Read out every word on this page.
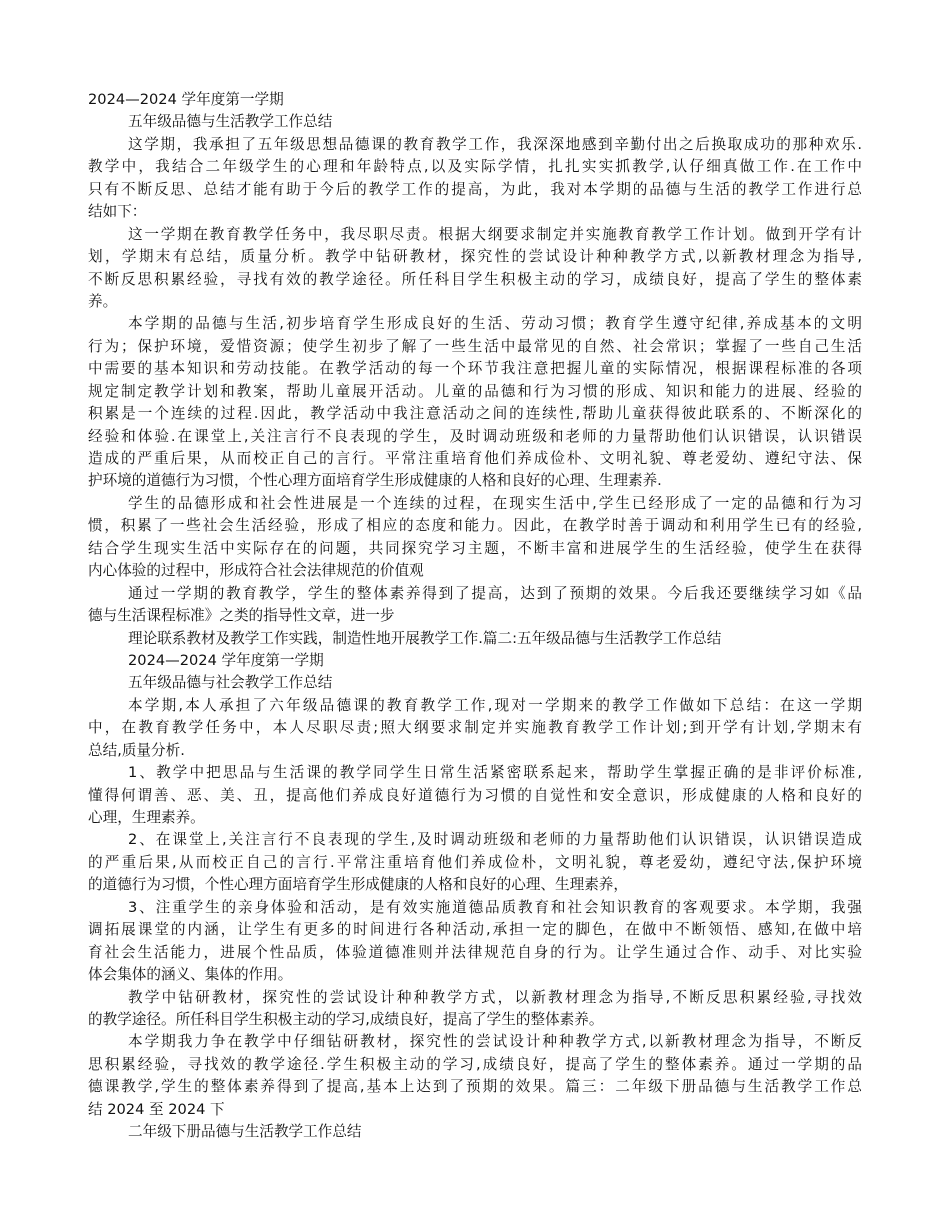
2024—2024 学年度第一学期
五年级品德与生活教学工作总结
这学期，我承担了五年级思想品德课的教育教学工作，我深深地感到辛勤付出之后换取成功的那种欢乐.
教学中，我结合二年级学生的心理和年龄特点,以及实际学情，扎扎实实抓教学,认仔细真做工作.在工作中
只有不断反思、总结才能有助于今后的教学工作的提高，为此，我对本学期的品德与生活的教学工作进行总
结如下：
这一学期在教育教学任务中，我尽职尽责。根据大纲要求制定并实施教育教学工作计划。做到开学有计
划，学期末有总结，质量分析。教学中钻研教材，探究性的尝试设计种种教学方式,以新教材理念为指导,
不断反思积累经验，寻找有效的教学途径。所任科目学生积极主动的学习，成绩良好，提高了学生的整体素
养。
本学期的品德与生活,初步培育学生形成良好的生活、劳动习惯；教育学生遵守纪律,养成基本的文明
行为；保护环境，爱惜资源；使学生初步了解了一些生活中最常见的自然、社会常识；掌握了一些自己生活
中需要的基本知识和劳动技能。在教学活动的每一个环节我注意把握儿童的实际情况，根据课程标准的各项
规定制定教学计划和教案，帮助儿童展开活动。儿童的品德和行为习惯的形成、知识和能力的进展、经验的
积累是一个连续的过程.因此，教学活动中我注意活动之间的连续性,帮助儿童获得彼此联系的、不断深化的
经验和体验.在课堂上,关注言行不良表现的学生，及时调动班级和老师的力量帮助他们认识错误，认识错误
造成的严重后果，从而校正自己的言行。平常注重培育他们养成俭朴、文明礼貌、尊老爱幼、遵纪守法、保
护环境的道德行为习惯，个性心理方面培育学生形成健康的人格和良好的心理、生理素养.
学生的品德形成和社会性进展是一个连续的过程，在现实生活中,学生已经形成了一定的品德和行为习
惯，积累了一些社会生活经验，形成了相应的态度和能力。因此，在教学时善于调动和利用学生已有的经验,
结合学生现实生活中实际存在的问题，共同探究学习主题，不断丰富和进展学生的生活经验，使学生在获得
内心体验的过程中，形成符合社会法律规范的价值观
通过一学期的教育教学，学生的整体素养得到了提高，达到了预期的效果。今后我还要继续学习如《品
德与生活课程标准》之类的指导性文章，进一步
理论联系教材及教学工作实践，制造性地开展教学工作.篇二:五年级品德与生活教学工作总结
2024—2024 学年度第一学期
五年级品德与社会教学工作总结
本学期,本人承担了六年级品德课的教育教学工作,现对一学期来的教学工作做如下总结：在这一学期
中，在教育教学任务中，本人尽职尽责;照大纲要求制定并实施教育教学工作计划;到开学有计划,学期末有
总结,质量分析.
1、教学中把思品与生活课的教学同学生日常生活紧密联系起来，帮助学生掌握正确的是非评价标准,
懂得何谓善、恶、美、丑，提高他们养成良好道德行为习惯的自觉性和安全意识，形成健康的人格和良好的
心理，生理素养。
2、在课堂上,关注言行不良表现的学生,及时调动班级和老师的力量帮助他们认识错误，认识错误造成
的严重后果,从而校正自己的言行.平常注重培育他们养成俭朴，文明礼貌，尊老爱幼，遵纪守法,保护环境
的道德行为习惯，个性心理方面培育学生形成健康的人格和良好的心理、生理素养，
3、注重学生的亲身体验和活动，是有效实施道德品质教育和社会知识教育的客观要求。本学期，我强
调拓展课堂的内涵，让学生有更多的时间进行各种活动,承担一定的脚色，在做中不断领悟、感知,在做中培
育社会生活能力，进展个性品质，体验道德准则并法律规范自身的行为。让学生通过合作、动手、对比实验
体会集体的涵义、集体的作用。
教学中钻研教材，探究性的尝试设计种种教学方式，以新教材理念为指导,不断反思积累经验,寻找效
的教学途径。所任科目学生积极主动的学习,成绩良好，提高了学生的整体素养。
本学期我力争在教学中仔细钻研教材，探究性的尝试设计种种教学方式,以新教材理念为指导，不断反
思积累经验，寻找效的教学途径.学生积极主动的学习,成绩良好，提高了学生的整体素养。通过一学期的品
德课教学,学生的整体素养得到了提高,基本上达到了预期的效果。篇三：二年级下册品德与生活教学工作总
结 2024 至 2024 下
二年级下册品德与生活教学工作总结
